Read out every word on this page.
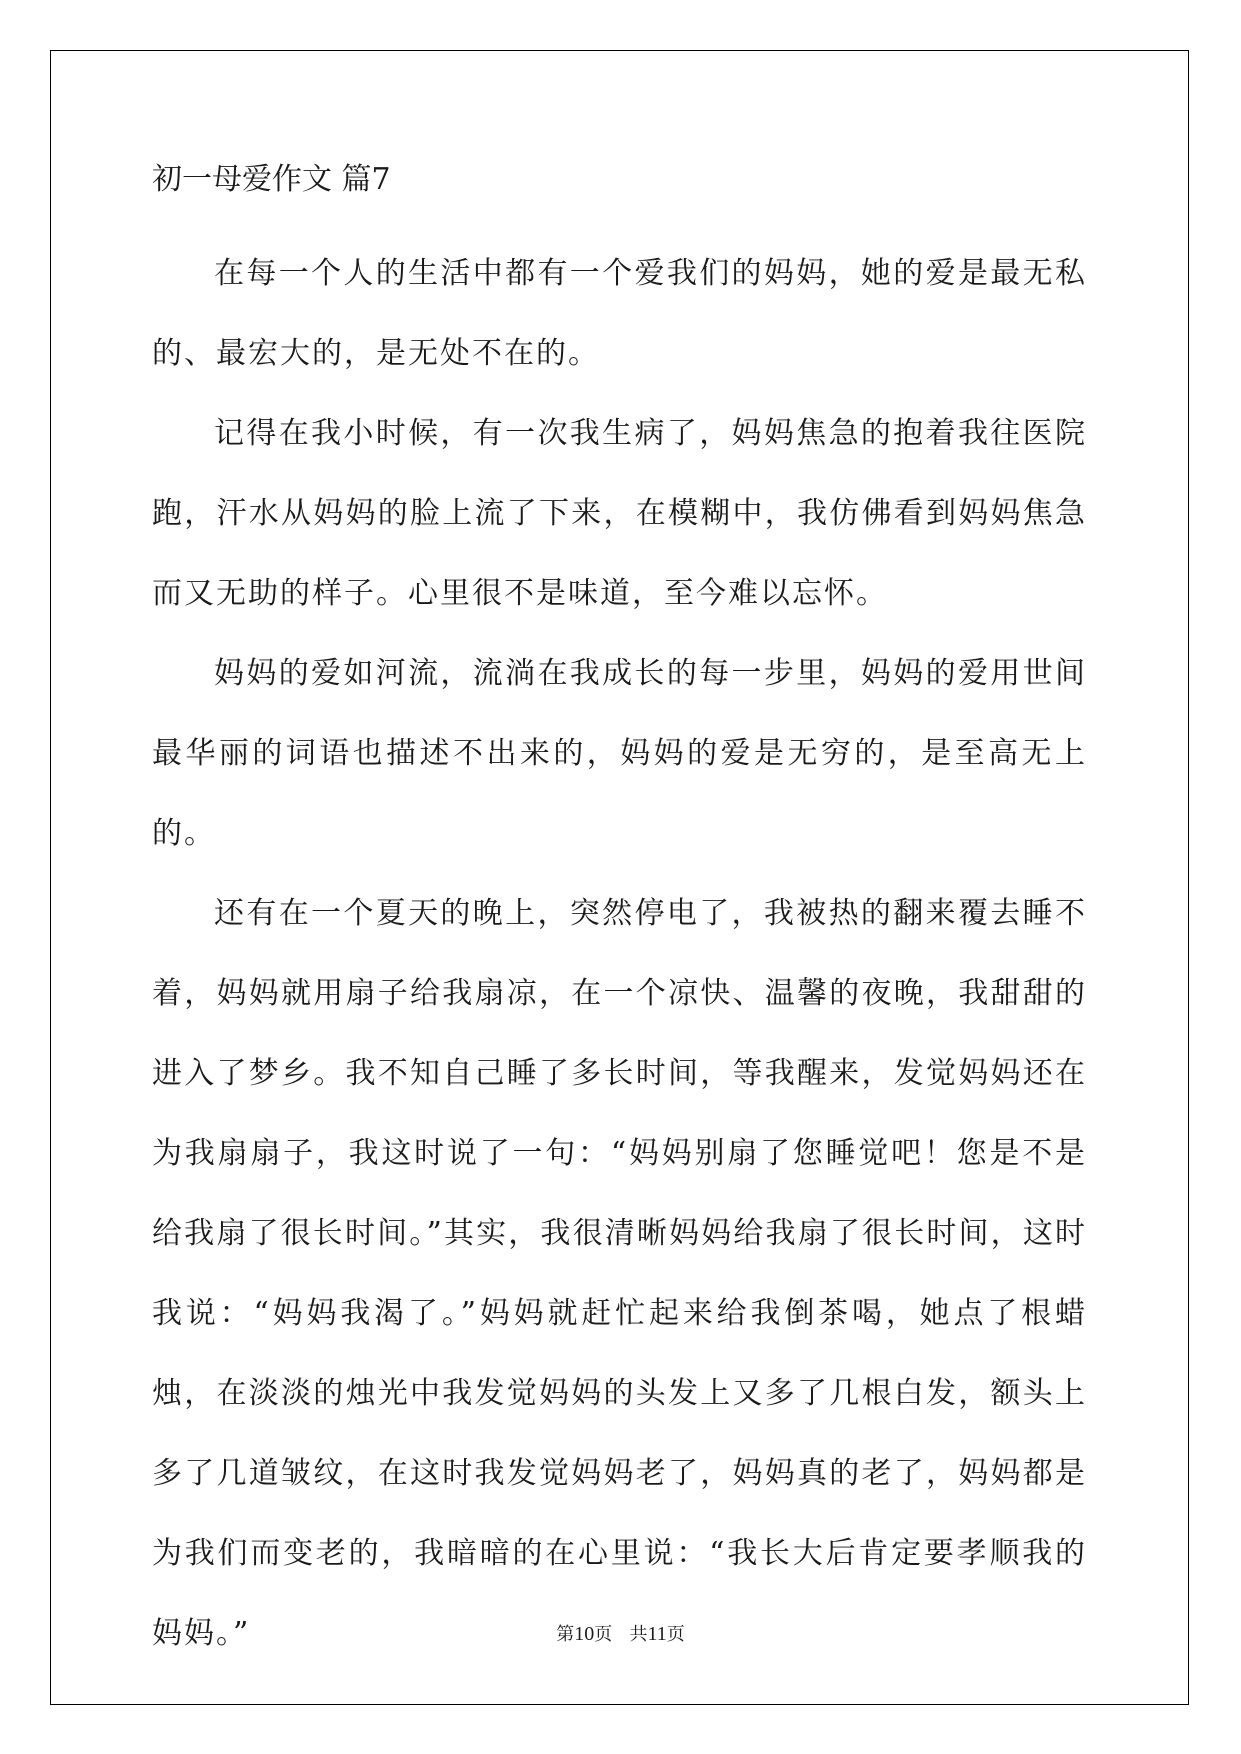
初一母爱作文 篇7

在每一个人的生活中都有一个爱我们的妈妈，她的爱是最无私的、最宏大的，是无处不在的。

记得在我小时候，有一次我生病了，妈妈焦急的抱着我往医院跑，汗水从妈妈的脸上流了下来，在模糊中，我仿佛看到妈妈焦急而又无助的样子。心里很不是味道，至今难以忘怀。

妈妈的爱如河流，流淌在我成长的每一步里，妈妈的爱用世间最华丽的词语也描述不出来的，妈妈的爱是无穷的，是至高无上的。

还有在一个夏天的晚上，突然停电了，我被热的翻来覆去睡不着，妈妈就用扇子给我扇凉，在一个凉快、温馨的夜晚，我甜甜的进入了梦乡。我不知自己睡了多长时间，等我醒来，发觉妈妈还在为我扇扇子，我这时说了一句：“妈妈别扇了您睡觉吧！您是不是给我扇了很长时间。”其实，我很清晰妈妈给我扇了很长时间，这时我说：“妈妈我渴了。”妈妈就赶忙起来给我倒茶喝，她点了根蜡烛，在淡淡的烛光中我发觉妈妈的头发上又多了几根白发，额头上多了几道皱纹，在这时我发觉妈妈老了，妈妈真的老了，妈妈都是为我们而变老的，我暗暗的在心里说：“我长大后肯定要孝顺我的妈妈。”	第10页   共11页
